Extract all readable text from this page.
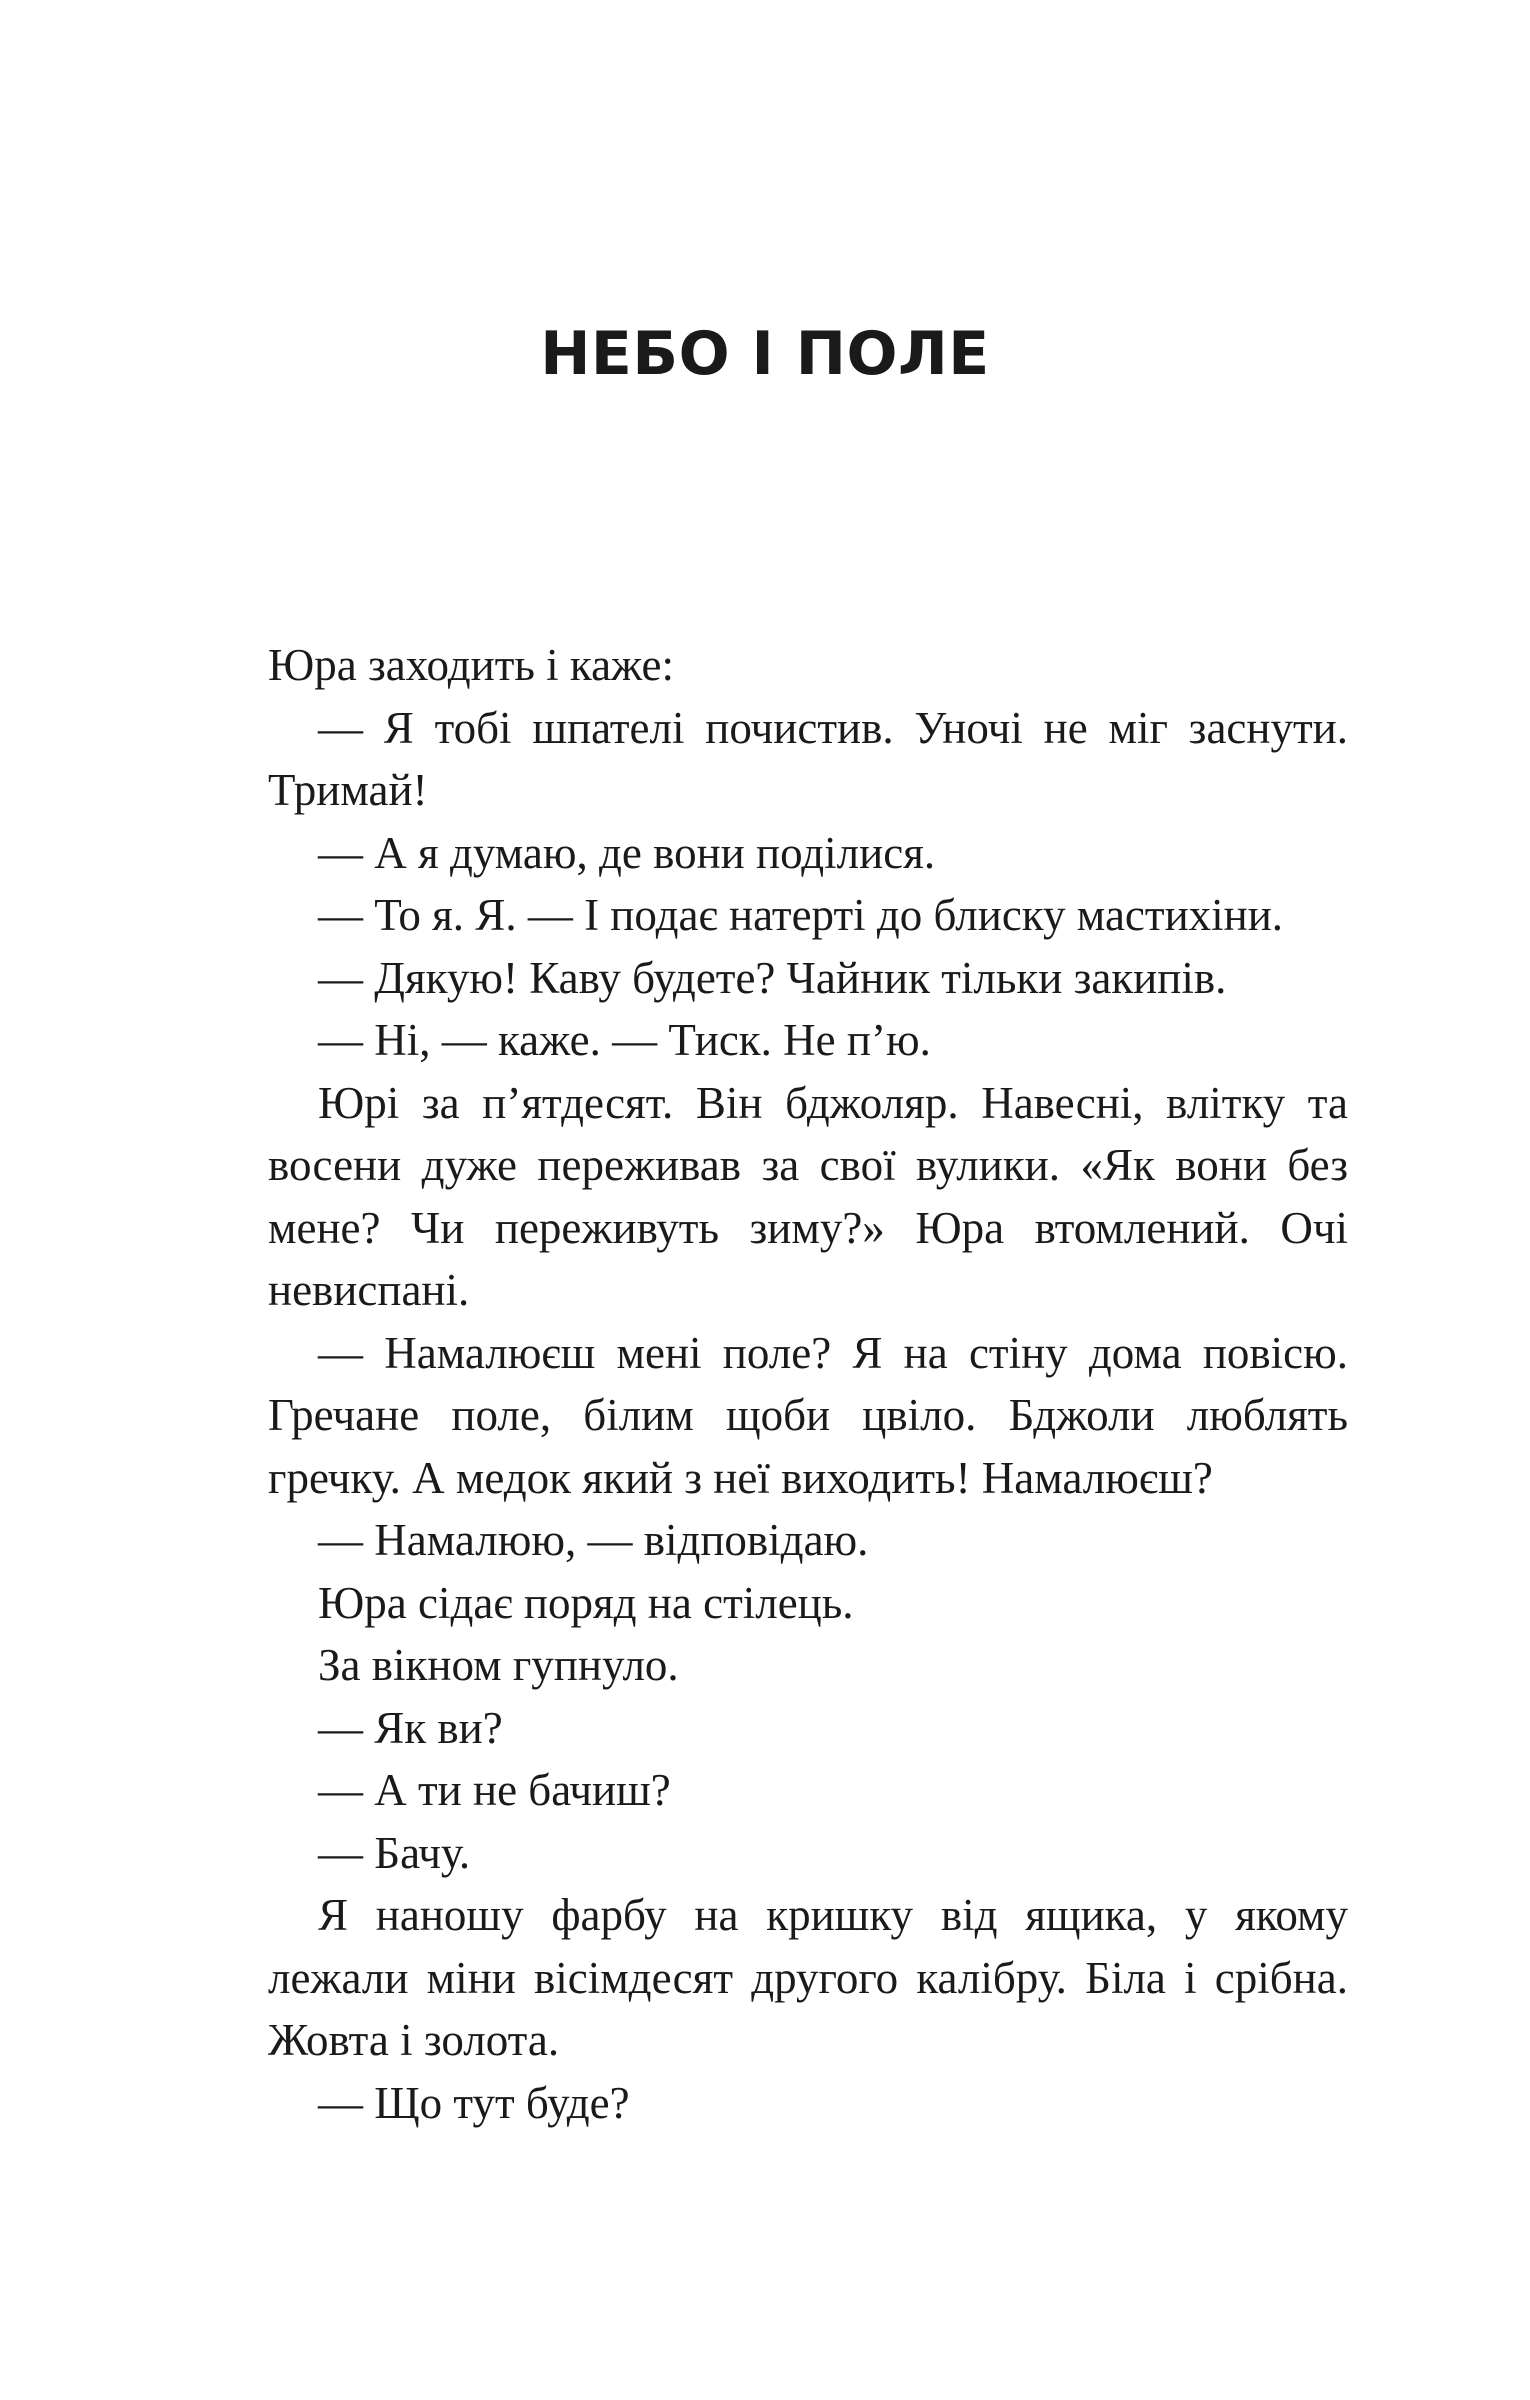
НЕБО І ПОЛЕ

Юра заходить і каже:

— Я тобі шпателі почистив. Уночі не міг заснути. Тримай!

— А я думаю, де вони поділися.

— То я. Я. — І подає натерті до блиску мастихіни.

— Дякую! Каву будете? Чайник тільки закипів.

— Ні, — каже. — Тиск. Не п’ю.

Юрі за п’ятдесят. Він бджоляр. Навесні, влітку та восени дуже переживав за свої вулики. «Як вони без мене? Чи переживуть зиму?» Юра втомлений. Очі невиспані.

— Намалюєш мені поле? Я на стіну дома повісю. Гречане поле, білим щоби цвіло. Бджоли люблять гречку. А медок який з неї виходить! Намалюєш?

— Намалюю, — відповідаю.

Юра сідає поряд на стілець.

За вікном гупнуло.

— Як ви?

— А ти не бачиш?

— Бачу.

Я наношу фарбу на кришку від ящика, у якому лежали міни вісімдесят другого калібру. Біла і срібна. Жовта і золота.

— Що тут буде?
